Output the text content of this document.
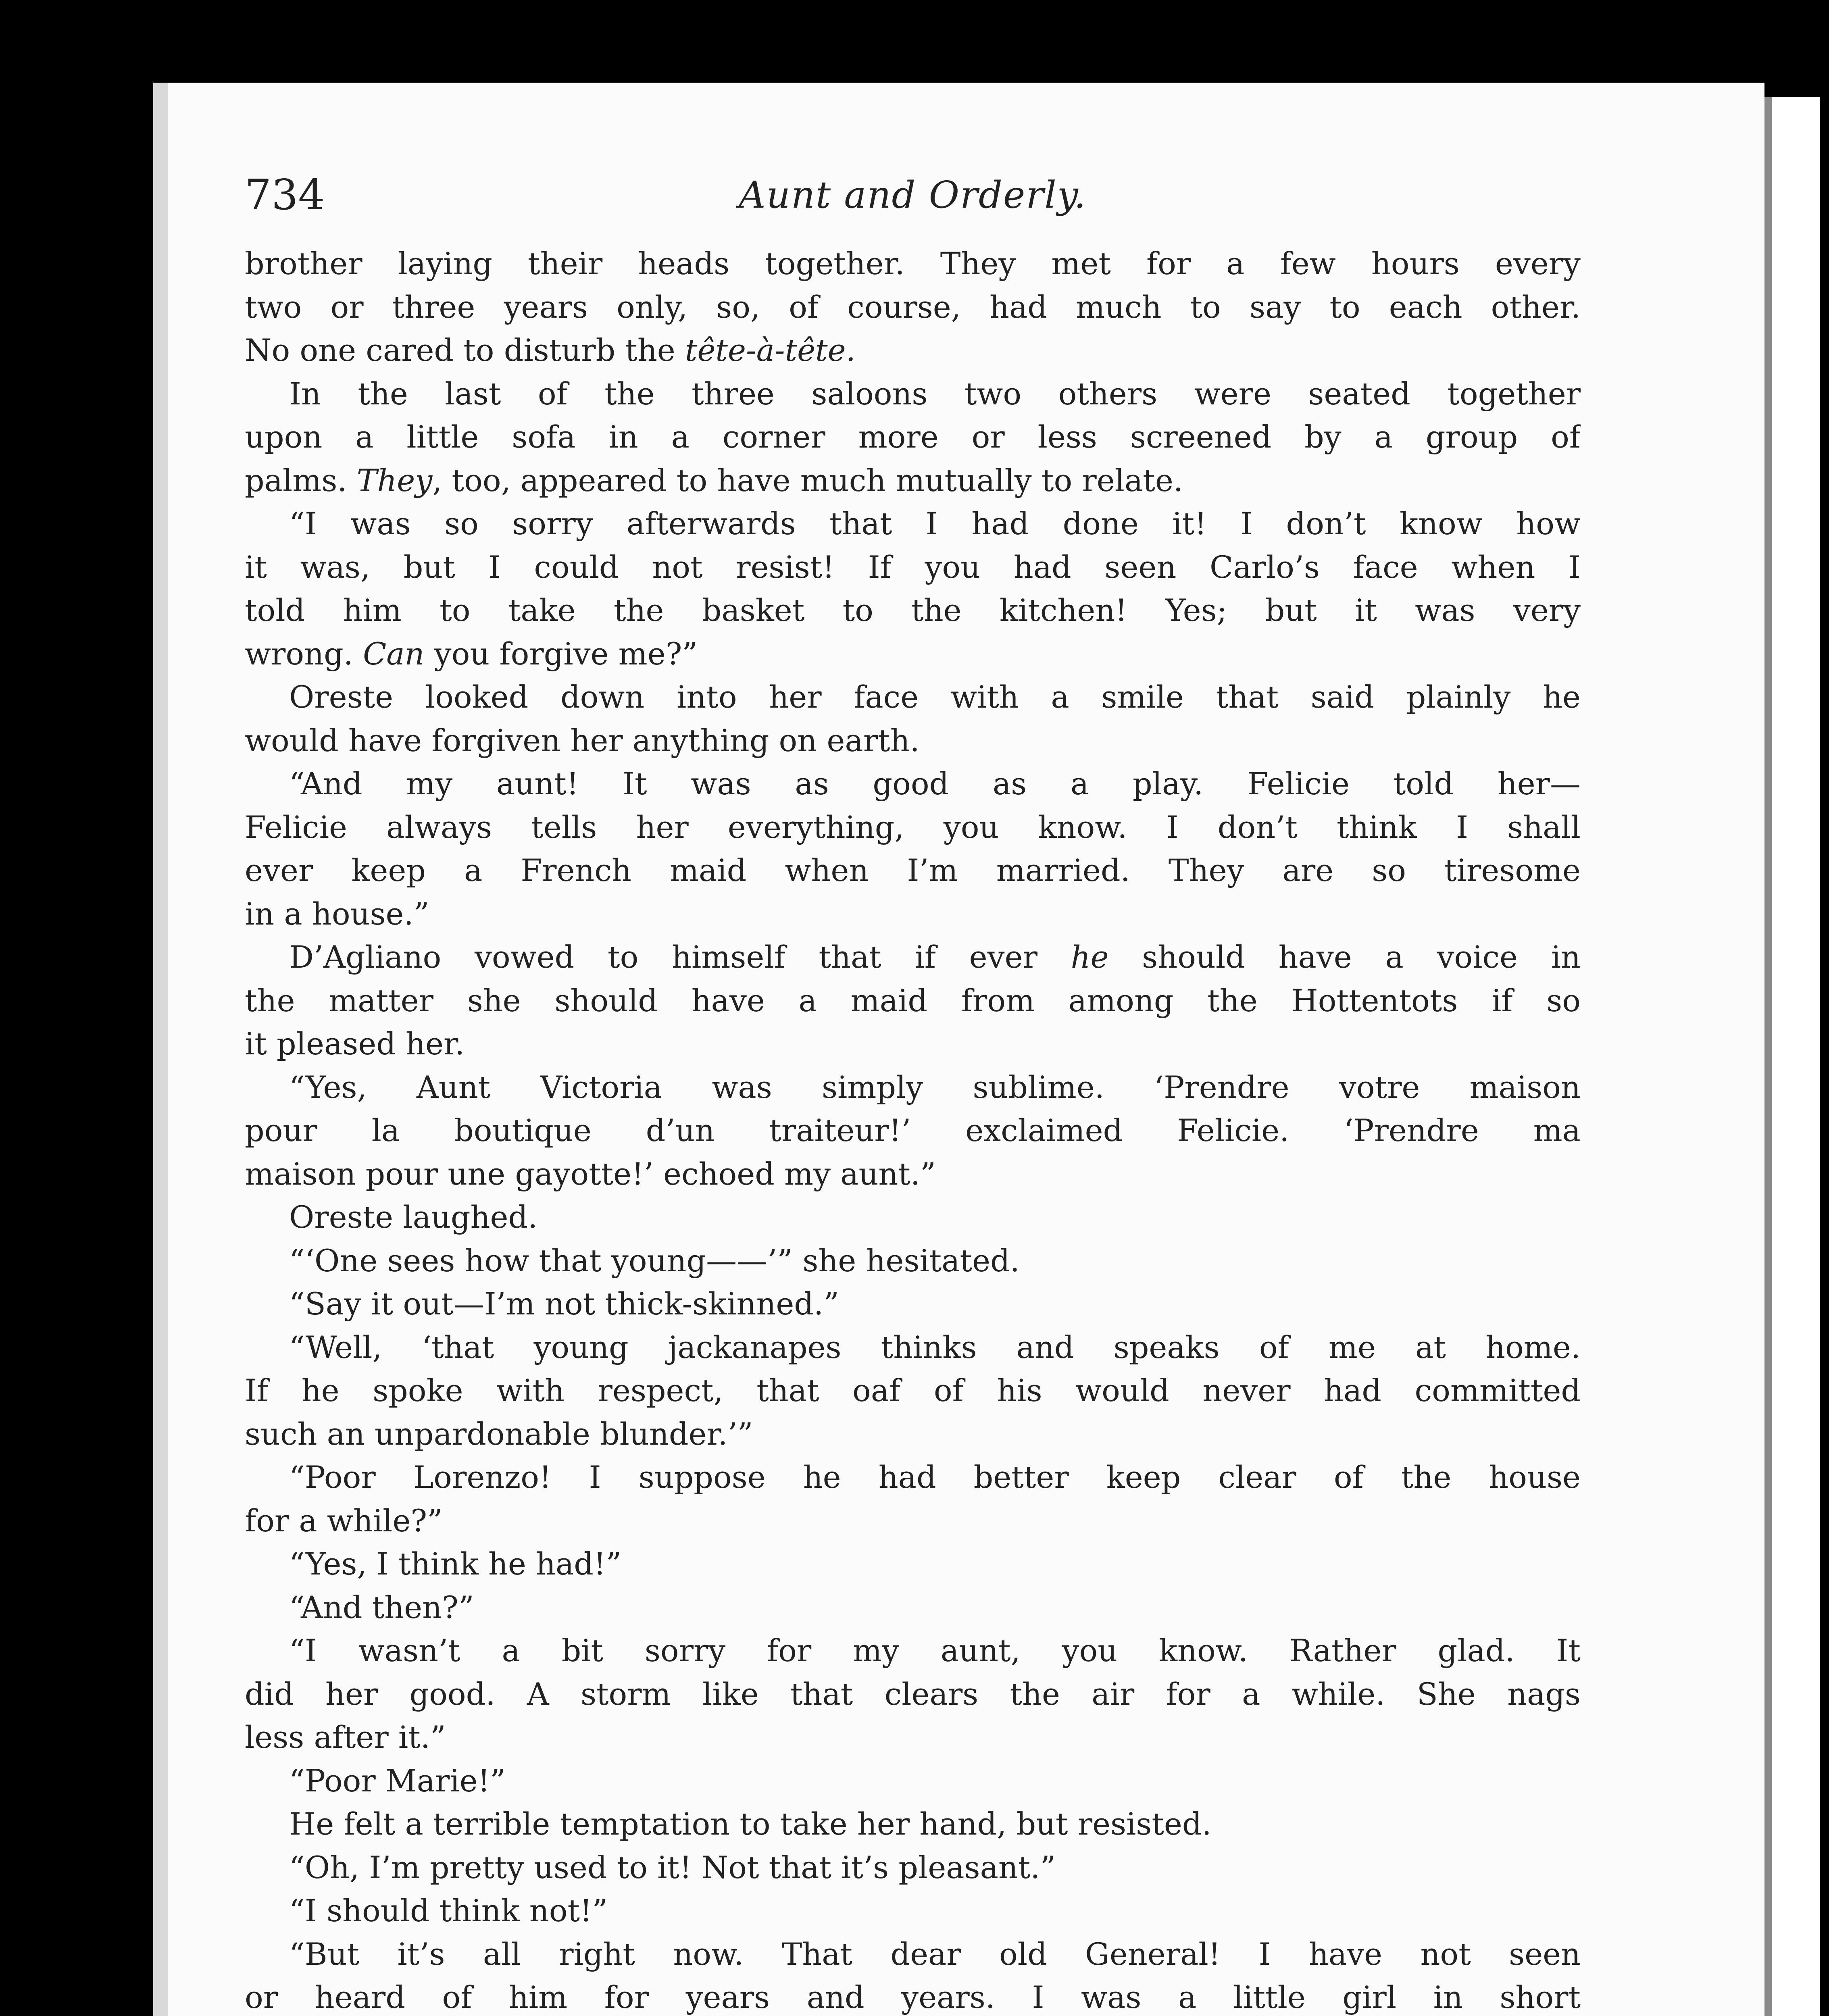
734	Aunt and Orderly.
brother laying their heads together. They met for a few hours every
two or three years only, so, of course, had much to say to each other.
No one cared to disturb the tête-à-tête.
In the last of the three saloons two others were seated together
upon a little sofa in a corner more or less screened by a group of
palms. They, too, appeared to have much mutually to relate.
“I was so sorry afterwards that I had done it! I don’t know how
it was, but I could not resist! If you had seen Carlo’s face when I
told him to take the basket to the kitchen! Yes; but it was very
wrong. Can you forgive me?”
Oreste looked down into her face with a smile that said plainly he
would have forgiven her anything on earth.
“And my aunt! It was as good as a play. Felicie told her—
Felicie always tells her everything, you know. I don’t think I shall
ever keep a French maid when I’m married. They are so tiresome
in a house.”
D’Agliano vowed to himself that if ever he should have a voice in
the matter she should have a maid from among the Hottentots if so
it pleased her.
“Yes, Aunt Victoria was simply sublime. ‘Prendre votre maison
pour la boutique d’un traiteur!’ exclaimed Felicie. ‘Prendre ma
maison pour une gayotte!’ echoed my aunt.”
Oreste laughed.
“‘One sees how that young——’” she hesitated.
“Say it out—I’m not thick-skinned.”
“Well, ‘that young jackanapes thinks and speaks of me at home.
If he spoke with respect, that oaf of his would never had committed
such an unpardonable blunder.’”
“Poor Lorenzo! I suppose he had better keep clear of the house
for a while?”
“Yes, I think he had!”
“And then?”
“I wasn’t a bit sorry for my aunt, you know. Rather glad. It
did her good. A storm like that clears the air for a while. She nags
less after it.”
“Poor Marie!”
He felt a terrible temptation to take her hand, but resisted.
“Oh, I’m pretty used to it! Not that it’s pleasant.”
“I should think not!”
“But it’s all right now. That dear old General! I have not seen
or heard of him for years and years. I was a little girl in short
